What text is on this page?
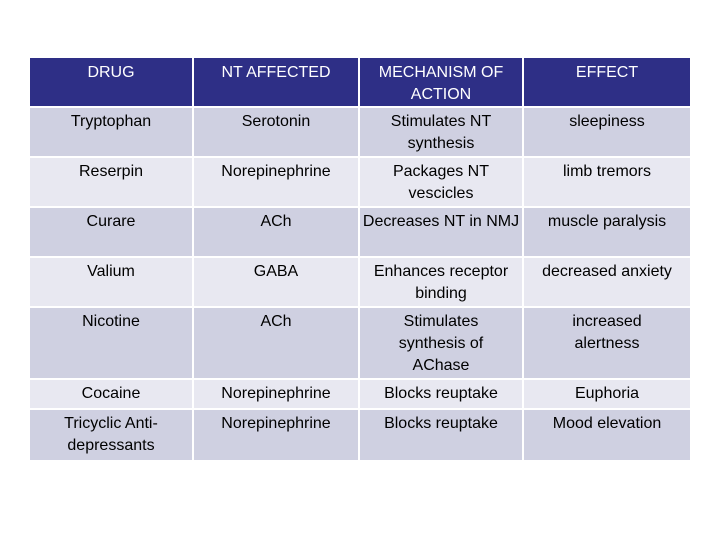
DRUG	NT AFFECTED	MECHANISM OF ACTION	EFFECT
Tryptophan	Serotonin	Stimulates NT synthesis	sleepiness
Reserpin	Norepinephrine	Packages NT vescicles	limb tremors
Curare	ACh	Decreases NT in NMJ	muscle paralysis
Valium	GABA	Enhances receptor binding	decreased anxiety
Nicotine	ACh	Stimulates synthesis of AChase	increased alertness
Cocaine	Norepinephrine	Blocks reuptake	Euphoria
Tricyclic Anti-depressants	Norepinephrine	Blocks reuptake	Mood elevation
